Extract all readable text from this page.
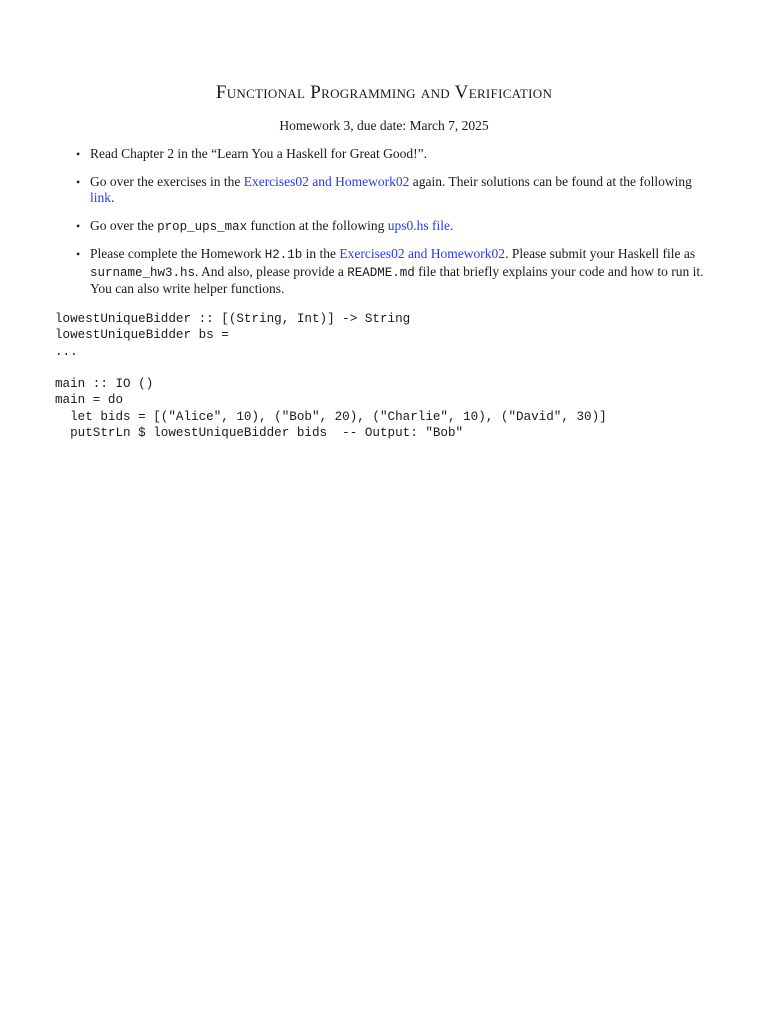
Functional Programming and Verification

Homework 3, due date: March 7, 2025

• Read Chapter 2 in the “Learn You a Haskell for Great Good!”.
• Go over the exercises in the Exercises02 and Homework02 again. Their solutions can be found at the following link.
• Go over the prop_ups_max function at the following ups0.hs file.
• Please complete the Homework H2.1b in the Exercises02 and Homework02. Please submit your Haskell file as surname_hw3.hs. And also, please provide a README.md file that briefly explains your code and how to run it. You can also write helper functions.
lowestUniqueBidder :: [(String, Int)] -> String
lowestUniqueBidder bs =
...
main :: IO ()
main = do
let bids = [("Alice", 10), ("Bob", 20), ("Charlie", 10), ("David", 30)]
putStrLn $ lowestUniqueBidder bids  -- Output: "Bob"
